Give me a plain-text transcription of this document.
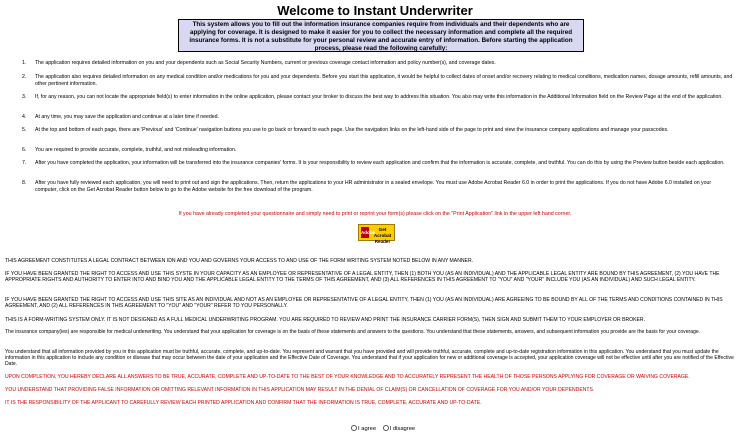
Welcome to Instant Underwriter
This system allows you to fill out the information insurance companies require from individuals and their dependents who are applying for coverage. It is designed to make it easier for you to collect the necessary information and complete all the required insurance forms. It is not a substitute for your personal review and accurate entry of information. Before starting the application process, please read the following carefully:
1. The application requires detailed information on you and your dependents such as Social Security Numbers, current or previous coverage contact information and policy number(s), and coverage dates.
2. The application also requires detailed information on any medical condition and/or medications for you and your dependents. Before you start this application, it would be helpful to collect dates of onset and/or recovery relating to medical conditions, medication names, dosage amounts, refill amounts, and other pertinent information.
3. If, for any reason, you can not locate the appropriate field(s) to enter information in the online application, please contact your broker to discuss the best way to address this situation. You also may write this information in the Additional Information field on the Review Page at the end of the application.
4. At any time, you may save the application and continue at a later time if needed.
5. At the top and bottom of each page, there are 'Previous' and 'Continue' navigation buttons you use to go back or forward to each page. Use the navigation links on the left-hand side of the page to print and view the insurance company applications and manage your passcodes.
6. You are required to provide accurate, complete, truthful, and not misleading information.
7. After you have completed the application, your information will be transferred into the insurance companies' forms. It is your responsibility to review each application and confirm that the information is accurate, complete, and truthful. You can do this by using the Preview button beside each application.
8. After you have fully reviewed each application, you will need to print out and sign the applications. Then, return the applications to your HR administrator in a sealed envelope. You must use Adobe Acrobat Reader 6.0 in order to print the applications. If you do not have Adobe 6.0 installed on your computer, click on the Get Acrobat Reader button below to go to the Adobe website for the free download of the program.
If you have already completed your questionnaire and simply need to print or reprint your form(s) please click on the "Print Application" link in the upper left hand corner.
Adobe
Get Acrobat Reader

THIS AGREEMENT CONSTITUTES A LEGAL CONTRACT BETWEEN IDN AND YOU AND GOVERNS YOUR ACCESS TO AND USE OF THE FORM WRITING SYSTEM NOTED BELOW IN ANY MANNER.

IF YOU HAVE BEEN GRANTED THE RIGHT TO ACCESS AND USE THIS SYSTE IN YOUR CAPACITY AS AN EMPLOYEE OR REPRESENTATIVE OF A LEGAL ENTITY, THEN (1) BOTH YOU (AS AN INDIVIDUAL) AND THE APPLICABLE LEGAL ENTITY ARE BOUND BY THIS AGREEMENT, (2) YOU HAVE THE APPROPRIATE RIGHTS AND AUTHORITY TO ENTER INTO AND BIND YOU AND THE APPLICABLE LEGAL ENTITY TO THE TERMS OF THIS AGREEMENT, AND (3) ALL REFERENCES IN THIS AGREEMENT TO "YOU" AND "YOUR" INCLUDE YOU (AS AN INDIVIDUAL) AND SUCH LEGAL ENTITY.

IF YOU HAVE BEEN GRANTED THE RIGHT TO ACCESS AND USE THIS SITE AS AN INDIVIDUAL AND NOT AS AN EMPLOYEE OR REPRESENTATIVE OF A LEGAL ENTITY, THEN (1) YOU (AS AN INDIVIDUAL) ARE AGREEING TO BE BOUND BY ALL OF THE TERMS AND CONDITIONS CONTAINED IN THIS AGREEMENT, AND (2) ALL REFERENCES IN THIS AGREEMENT TO "YOU" AND "YOUR" REFER TO YOU PERSONALLY.

THIS IS A FORM-WRITING SYSTEM ONLY. IT IS NOT DESIGNED AS A FULL MEDICAL UNDERWRITING PROGRAM. YOU ARE REQUIRED TO REVIEW AND PRINT THE INSURANCE CARRIER FORM(S), THEN SIGN AND SUBMIT THEM TO YOUR EMPLOYER OR BROKER.

The insurance company(ies) are responsible for medical underwriting. You understand that your application for coverage is on the basis of these statements and answers to the questions. You understand that these statements, answers, and subsequent information you provide are the basis for your coverage.

You understand that all information provided by you in this application must be truthful, accurate, complete, and up-to-date. You represent and warrant that you have provided and will provide truthful, accurate, complete and up-to-date registration information in this application. You understand that you must update the information in this application to include any condition or disease that may occur between the date of your application and the Effective Date of Coverage. You understand that if your application for new or additional coverage is accepted, your application coverage will not be effective until after you are notified of the Effective Date.

UPON COMPLETION, YOU HEREBY DECLARE ALL ANSWERS TO BE TRUE, ACCURATE, COMPLETE AND UP-TO-DATE TO THE BEST OF YOUR KNOWLEDGE AND TO ACCURATELY REPRESENT THE HEALTH OF THOSE PERSONS APPLYING FOR COVERAGE OR WAIVING COVERAGE.

YOU UNDERSTAND THAT PROVIDING FALSE INFORMATION OR OMITTING RELEVANT INFORMATION IN THIS APPLICATION MAY RESULT IN THE DENIAL OF CLAIM(S) OR CANCELLATION OF COVERAGE FOR YOU AND/OR YOUR DEPENDENTS.

IT IS THE RESPONSIBILITY OF THE APPLICANT TO CAREFULLY REVIEW EACH PRINTED APPLICATION AND CONFIRM THAT THE INFORMATION IS TRUE, COMPLETE, ACCURATE AND UP-TO-DATE.

I agree I disagree
